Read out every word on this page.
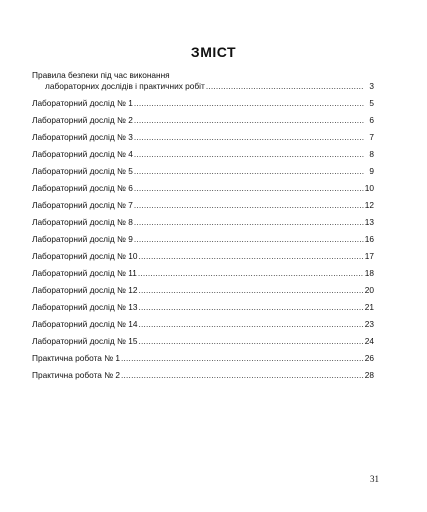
ЗМІСТ
Правила безпеки під час виконання
лабораторних дослідів і практичних робіт .....	3
Лабораторний дослід № 1 .....	5
Лабораторний дослід № 2 .....	6
Лабораторний дослід № 3 .....	7
Лабораторний дослід № 4 .....	8
Лабораторний дослід № 5 .....	9
Лабораторний дослід № 6 .....	10
Лабораторний дослід № 7 .....	12
Лабораторний дослід № 8 .....	13
Лабораторний дослід № 9 .....	16
Лабораторний дослід № 10 .....	17
Лабораторний дослід № 11 .....	18
Лабораторний дослід № 12 .....	20
Лабораторний дослід № 13 .....	21
Лабораторний дослід № 14 .....	23
Лабораторний дослід № 15 .....	24
Практична робота № 1 .....	26
Практична робота № 2 .....	28
31
